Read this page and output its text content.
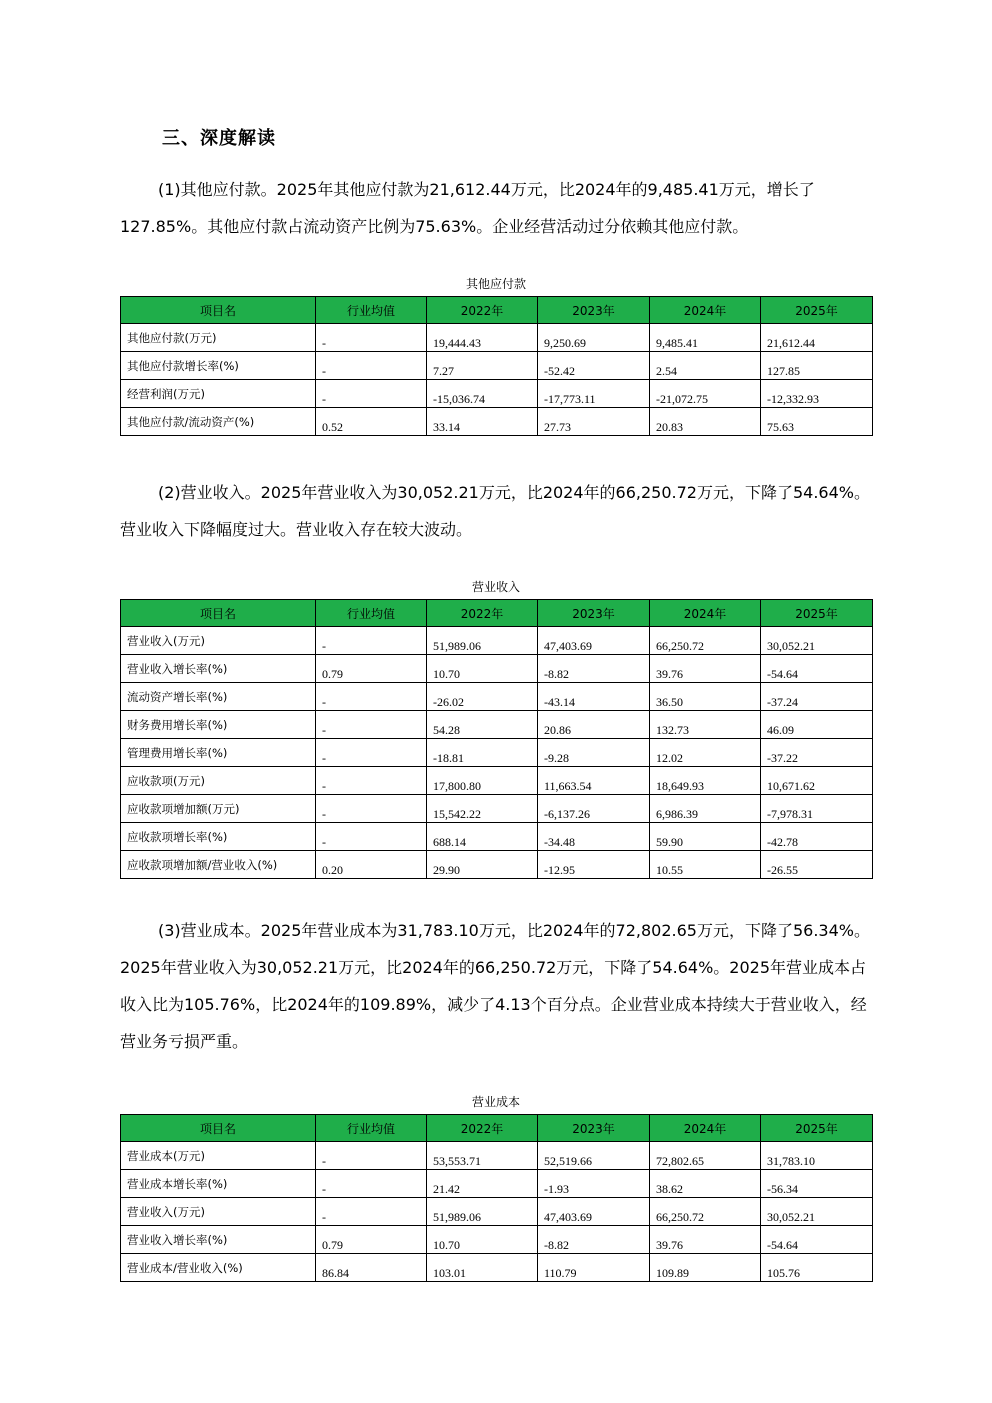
三、深度解读
(1)其他应付款。2025年其他应付款为21,612.44万元，比2024年的9,485.41万元，增长了127.85%。其他应付款占流动资产比例为75.63%。企业经营活动过分依赖其他应付款。
其他应付款
项目名	行业均值	2022年	2023年	2024年	2025年
其他应付款(万元)	-	19,444.43	9,250.69	9,485.41	21,612.44
其他应付款增长率(%)	-	7.27	-52.42	2.54	127.85
经营利润(万元)	-	-15,036.74	-17,773.11	-21,072.75	-12,332.93
其他应付款/流动资产(%)	0.52	33.14	27.73	20.83	75.63
(2)营业收入。2025年营业收入为30,052.21万元，比2024年的66,250.72万元，下降了54.64%。营业收入下降幅度过大。营业收入存在较大波动。
营业收入
项目名	行业均值	2022年	2023年	2024年	2025年
营业收入(万元)	-	51,989.06	47,403.69	66,250.72	30,052.21
营业收入增长率(%)	0.79	10.70	-8.82	39.76	-54.64
流动资产增长率(%)	-	-26.02	-43.14	36.50	-37.24
财务费用增长率(%)	-	54.28	20.86	132.73	46.09
管理费用增长率(%)	-	-18.81	-9.28	12.02	-37.22
应收款项(万元)	-	17,800.80	11,663.54	18,649.93	10,671.62
应收款项增加额(万元)	-	15,542.22	-6,137.26	6,986.39	-7,978.31
应收款项增长率(%)	-	688.14	-34.48	59.90	-42.78
应收款项增加额/营业收入(%)	0.20	29.90	-12.95	10.55	-26.55
(3)营业成本。2025年营业成本为31,783.10万元，比2024年的72,802.65万元，下降了56.34%。2025年营业收入为30,052.21万元，比2024年的66,250.72万元，下降了54.64%。2025年营业成本占收入比为105.76%，比2024年的109.89%，减少了4.13个百分点。企业营业成本持续大于营业收入，经营业务亏损严重。
营业成本
项目名	行业均值	2022年	2023年	2024年	2025年
营业成本(万元)	-	53,553.71	52,519.66	72,802.65	31,783.10
营业成本增长率(%)	-	21.42	-1.93	38.62	-56.34
营业收入(万元)	-	51,989.06	47,403.69	66,250.72	30,052.21
营业收入增长率(%)	0.79	10.70	-8.82	39.76	-54.64
营业成本/营业收入(%)	86.84	103.01	110.79	109.89	105.76
